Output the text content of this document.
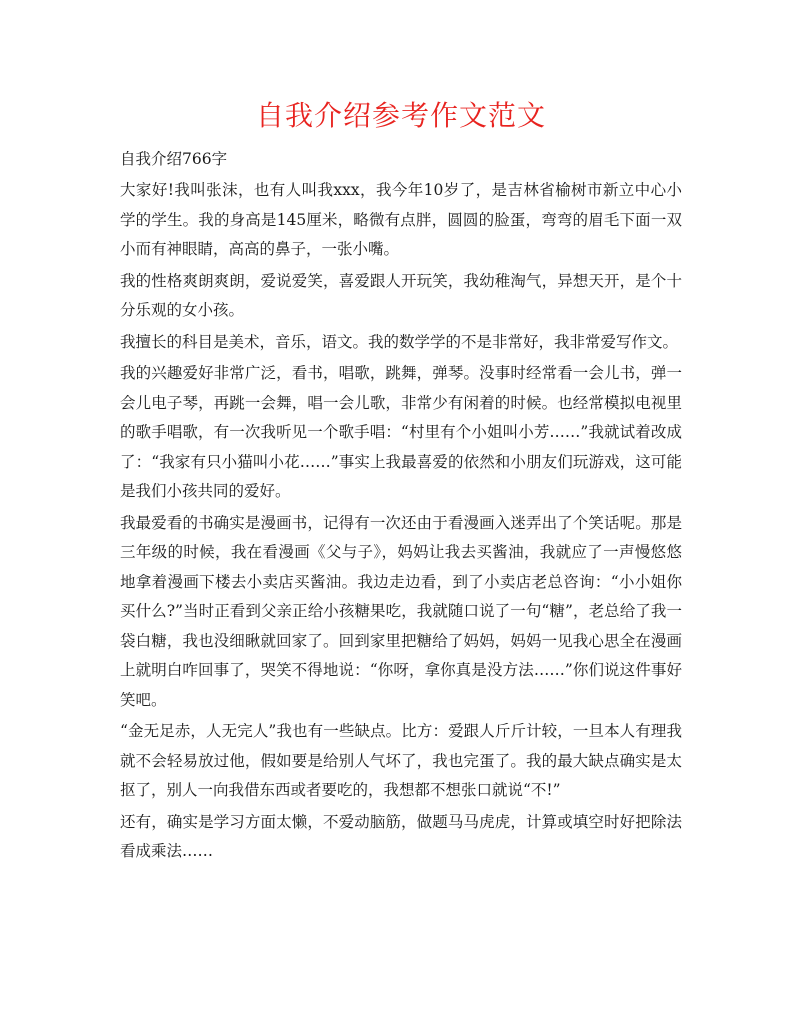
自我介绍参考作文范文
自我介绍766字

大家好!我叫张沫，也有人叫我xxx，我今年10岁了，是吉林省榆树市新立中心小学的学生。我的身高是145厘米，略微有点胖，圆圆的脸蛋，弯弯的眉毛下面一双小而有神眼睛，高高的鼻子，一张小嘴。

我的性格爽朗爽朗，爱说爱笑，喜爱跟人开玩笑，我幼稚淘气，异想天开，是个十分乐观的女小孩。

我擅长的科目是美术，音乐，语文。我的数学学的不是非常好，我非常爱写作文。

我的兴趣爱好非常广泛，看书，唱歌，跳舞，弹琴。没事时经常看一会儿书，弹一会儿电子琴，再跳一会舞，唱一会儿歌，非常少有闲着的时候。也经常模拟电视里的歌手唱歌，有一次我听见一个歌手唱：“村里有个小姐叫小芳……”我就试着改成了：“我家有只小猫叫小花……”事实上我最喜爱的依然和小朋友们玩游戏，这可能是我们小孩共同的爱好。

我最爱看的书确实是漫画书，记得有一次还由于看漫画入迷弄出了个笑话呢。那是三年级的时候，我在看漫画《父与子》，妈妈让我去买酱油，我就应了一声慢悠悠地拿着漫画下楼去小卖店买酱油。我边走边看，到了小卖店老总咨询：“小小姐你买什么?”当时正看到父亲正给小孩糖果吃，我就随口说了一句“糖”，老总给了我一袋白糖，我也没细瞅就回家了。回到家里把糖给了妈妈，妈妈一见我心思全在漫画上就明白咋回事了，哭笑不得地说：“你呀，拿你真是没方法……”你们说这件事好笑吧。

“金无足赤，人无完人”我也有一些缺点。比方：爱跟人斤斤计较，一旦本人有理我就不会轻易放过他，假如要是给别人气坏了，我也完蛋了。我的最大缺点确实是太抠了，别人一向我借东西或者要吃的，我想都不想张口就说“不!”

还有，确实是学习方面太懒，不爱动脑筋，做题马马虎虎，计算或填空时好把除法看成乘法……
